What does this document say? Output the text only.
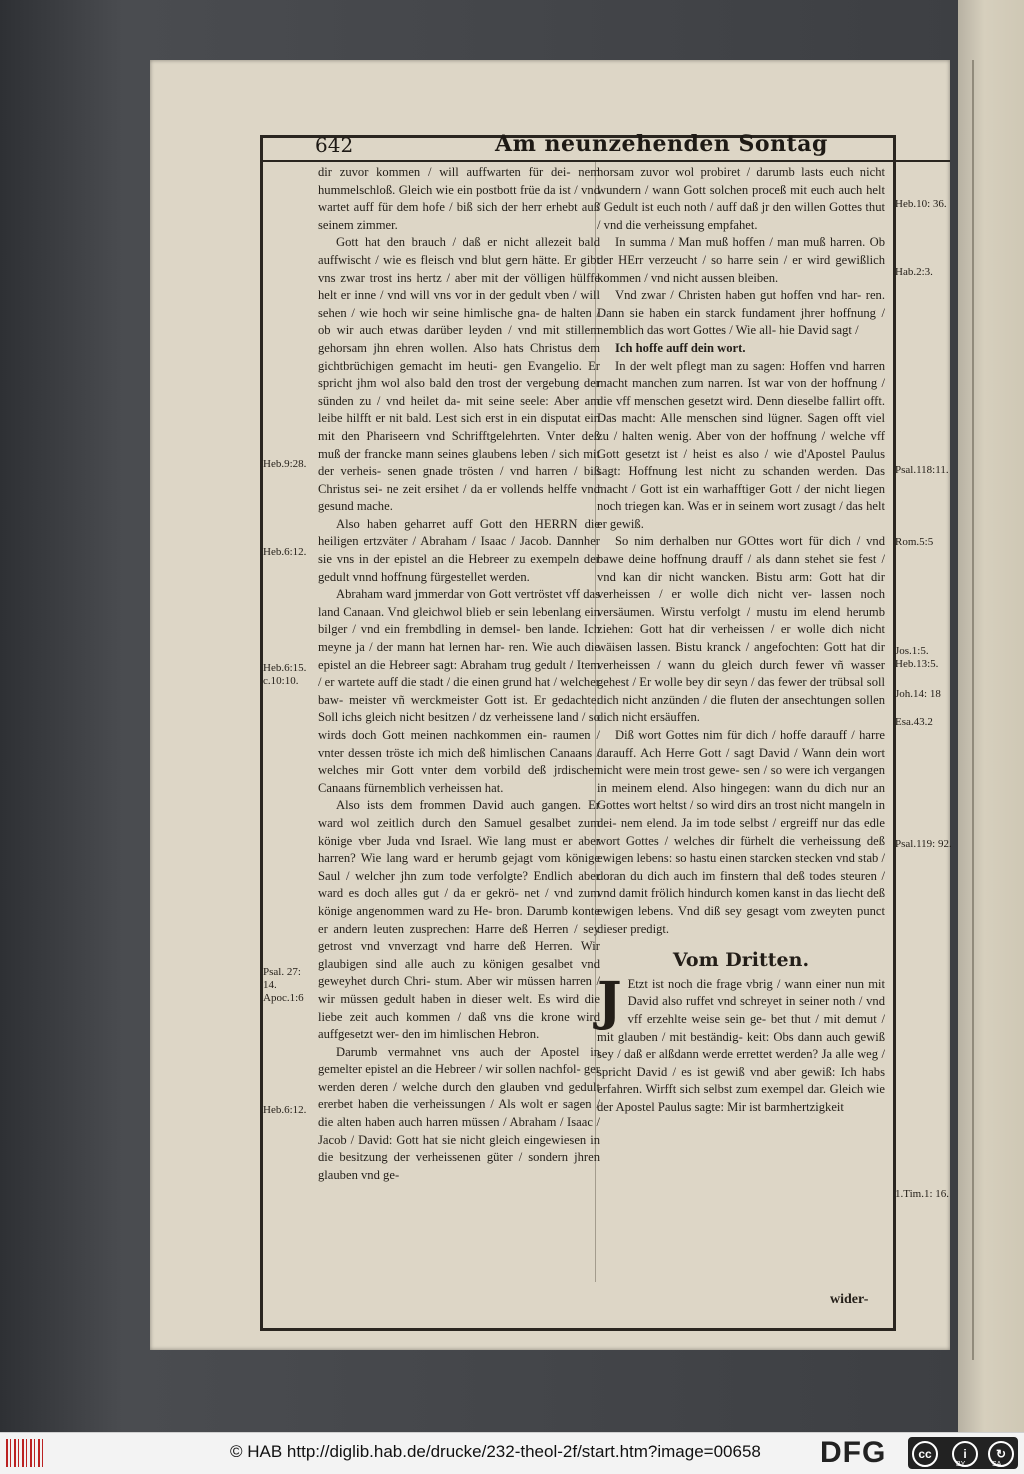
642	Am neunzehenden Sontag

dir zuvor kommen / will auffwarten für dei- nem hummelschloß. Gleich wie ein postbott früe da ist / vnd wartet auff für dem hofe / biß sich der herr erhebt auß seinem zimmer.

Gott hat den brauch / daß er nicht allezeit bald auffwischt / wie es fleisch vnd blut gern hätte. Er gibt vns zwar trost ins hertz / aber mit der völligen hülffe helt er inne / vnd will vns vor in der gedult vben / will sehen / wie hoch wir seine himlische gna- de halten / ob wir auch etwas darüber leyden / vnd mit stillem gehorsam jhn ehren wollen. Also hats Christus dem gichtbrüchigen gemacht im heuti- gen Evangelio. Er spricht jhm wol also bald den trost der vergebung der sünden zu / vnd heilet da- mit seine seele: Aber am leibe hilfft er nit bald. Lest sich erst in ein disputat ein mit den Phariseern vnd Schrifftgelehrten. Vnter deß muß der francke mann seines glaubens leben / sich mit der verheis- senen gnade trösten / vnd harren / biß Christus sei- ne zeit ersihet / da er vollends helffe vnd gesund mache.

Also haben geharret auff Gott den HERRN die heiligen ertzväter / Abraham / Isaac / Jacob. Dannher sie vns in der epistel an die Hebreer zu exempeln der gedult vnnd hoffnung fürgestellet werden.

Abraham ward jmmerdar von Gott vertröstet vff das land Canaan. Vnd gleichwol blieb er sein lebenlang ein bilger / vnd ein frembdling in demsel- ben lande. Ich meyne ja / der mann hat lernen har- ren. Wie auch die epistel an die Hebreer sagt: Abraham trug gedult / Item / er wartete auff die stadt / die einen grund hat / welcher baw- meister vñ werckmeister Gott ist. Er gedachte: Soll ichs gleich nicht besitzen / dz verheissene land / so wirds doch Gott meinen nachkommen ein- raumen / vnter dessen tröste ich mich deß himlischen Canaans / welches mir Gott vnter dem vorbild deß jrdischen Canaans fürnemblich verheissen hat.

Also ists dem frommen David auch gangen. Er ward wol zeitlich durch den Samuel gesalbet zum könige vber Juda vnd Israel. Wie lang must er aber harren? Wie lang ward er herumb gejagt vom könige Saul / welcher jhn zum tode verfolgte? Endlich aber ward es doch alles gut / da er gekrö- net / vnd zum könige angenommen ward zu He- bron. Darumb konte er andern leuten zusprechen: Harre deß Herren / sey getrost vnd vnverzagt vnd harre deß Herren. Wir glaubigen sind alle auch zu königen gesalbet vnd geweyhet durch Chri- stum. Aber wir müssen harren / wir müssen gedult haben in dieser welt. Es wird die liebe zeit auch kommen / daß vns die krone wird auffgesetzt wer- den im himlischen Hebron.

Darumb vermahnet vns auch der Apostel in gemelter epistel an die Hebreer / wir sollen nachfol- ger werden deren / welche durch den glauben vnd gedult ererbet haben die verheissungen / Als wolt er sagen / die alten haben auch harren müssen / Abraham / Isaac / Jacob / David: Gott hat sie nicht gleich eingewiesen in die besitzung der verheissenen güter / sondern jhren glauben vnd ge-

horsam zuvor wol probiret / darumb lasts euch nicht wundern / wann Gott solchen proceß mit euch auch helt / Gedult ist euch noth / auff daß jr den willen Gottes thut / vnd die verheissung empfahet.

In summa / Man muß hoffen / man muß harren. Ob der HErr verzeucht / so harre sein / er wird gewißlich kommen / vnd nicht aussen bleiben.

Vnd zwar / Christen haben gut hoffen vnd har- ren. Dann sie haben ein starck fundament jhrer hoffnung / nemblich das wort Gottes / Wie all- hie David sagt /

Ich hoffe auff dein wort.

In der welt pflegt man zu sagen: Hoffen vnd harren macht manchen zum narren. Ist war von der hoffnung / die vff menschen gesetzt wird. Denn dieselbe fallirt offt. Das macht: Alle menschen sind lügner. Sagen offt viel zu / halten wenig. Aber von der hoffnung / welche vff Gott gesetzt ist / heist es also / wie d'Apostel Paulus sagt: Hoffnung lest nicht zu schanden werden. Das macht / Gott ist ein warhafftiger Gott / der nicht liegen noch triegen kan. Was er in seinem wort zusagt / das helt er gewiß.

So nim derhalben nur GOttes wort für dich / vnd bawe deine hoffnung drauff / als dann stehet sie fest / vnd kan dir nicht wancken. Bistu arm: Gott hat dir verheissen / er wolle dich nicht ver- lassen noch versäumen. Wirstu verfolgt / mustu im elend herumb ziehen: Gott hat dir verheissen / er wolle dich nicht wäisen lassen. Bistu kranck / angefochten: Gott hat dir verheissen / wann du gleich durch fewer vñ wasser gehest / Er wolle bey dir seyn / das fewer der trübsal soll dich nicht anzünden / die fluten der ansechtungen sollen dich nicht ersäuffen.

Diß wort Gottes nim für dich / hoffe darauff / harre darauff. Ach Herre Gott / sagt David / Wann dein wort nicht were mein trost gewe- sen / so were ich vergangen in meinem elend. Also hingegen: wann du dich nur an Gottes wort heltst / so wird dirs an trost nicht mangeln in dei- nem elend. Ja im tode selbst / ergreiff nur das edle wort Gottes / welches dir fürhelt die verheissung deß ewigen lebens: so hastu einen starcken stecken vnd stab / doran du dich auch im finstern thal deß todes steuren / vnd damit frölich hindurch komen kanst in das liecht deß ewigen lebens. Vnd diß sey gesagt vom zweyten punct dieser predigt.

Vom Dritten.

J Etzt ist noch die frage vbrig / wann einer nun mit David also ruffet vnd schreyet in seiner noth / vnd vff erzehlte weise sein ge- bet thut / mit demut / mit glauben / mit beständig- keit: Obs dann auch gewiß sey / daß er alßdann werde errettet werden? Ja alle weg / spricht David / es ist gewiß vnd aber gewiß: Ich habs erfahren. Wirfft sich selbst zum exempel dar. Gleich wie der Apostel Paulus sagte: Mir ist barmhertzigkeit

Heb.9:28.
Heb.6:12.
Heb.6:15. c.10:10.
Psal. 27: 14. Apoc.1:6
Heb.6:12.
Heb.10: 36.
Hab.2:3.
Psal.118:11.
Rom.5:5
Jos.1:5. Heb.13:5.
Joh.14: 18
Esa.43.2
Psal.119: 92.
1.Tim.1: 16.
wider-
© HAB http://diglib.hab.de/drucke/232-theol-2f/start.htm?image=00658 DFG	cc	i	↻
BY	SA
